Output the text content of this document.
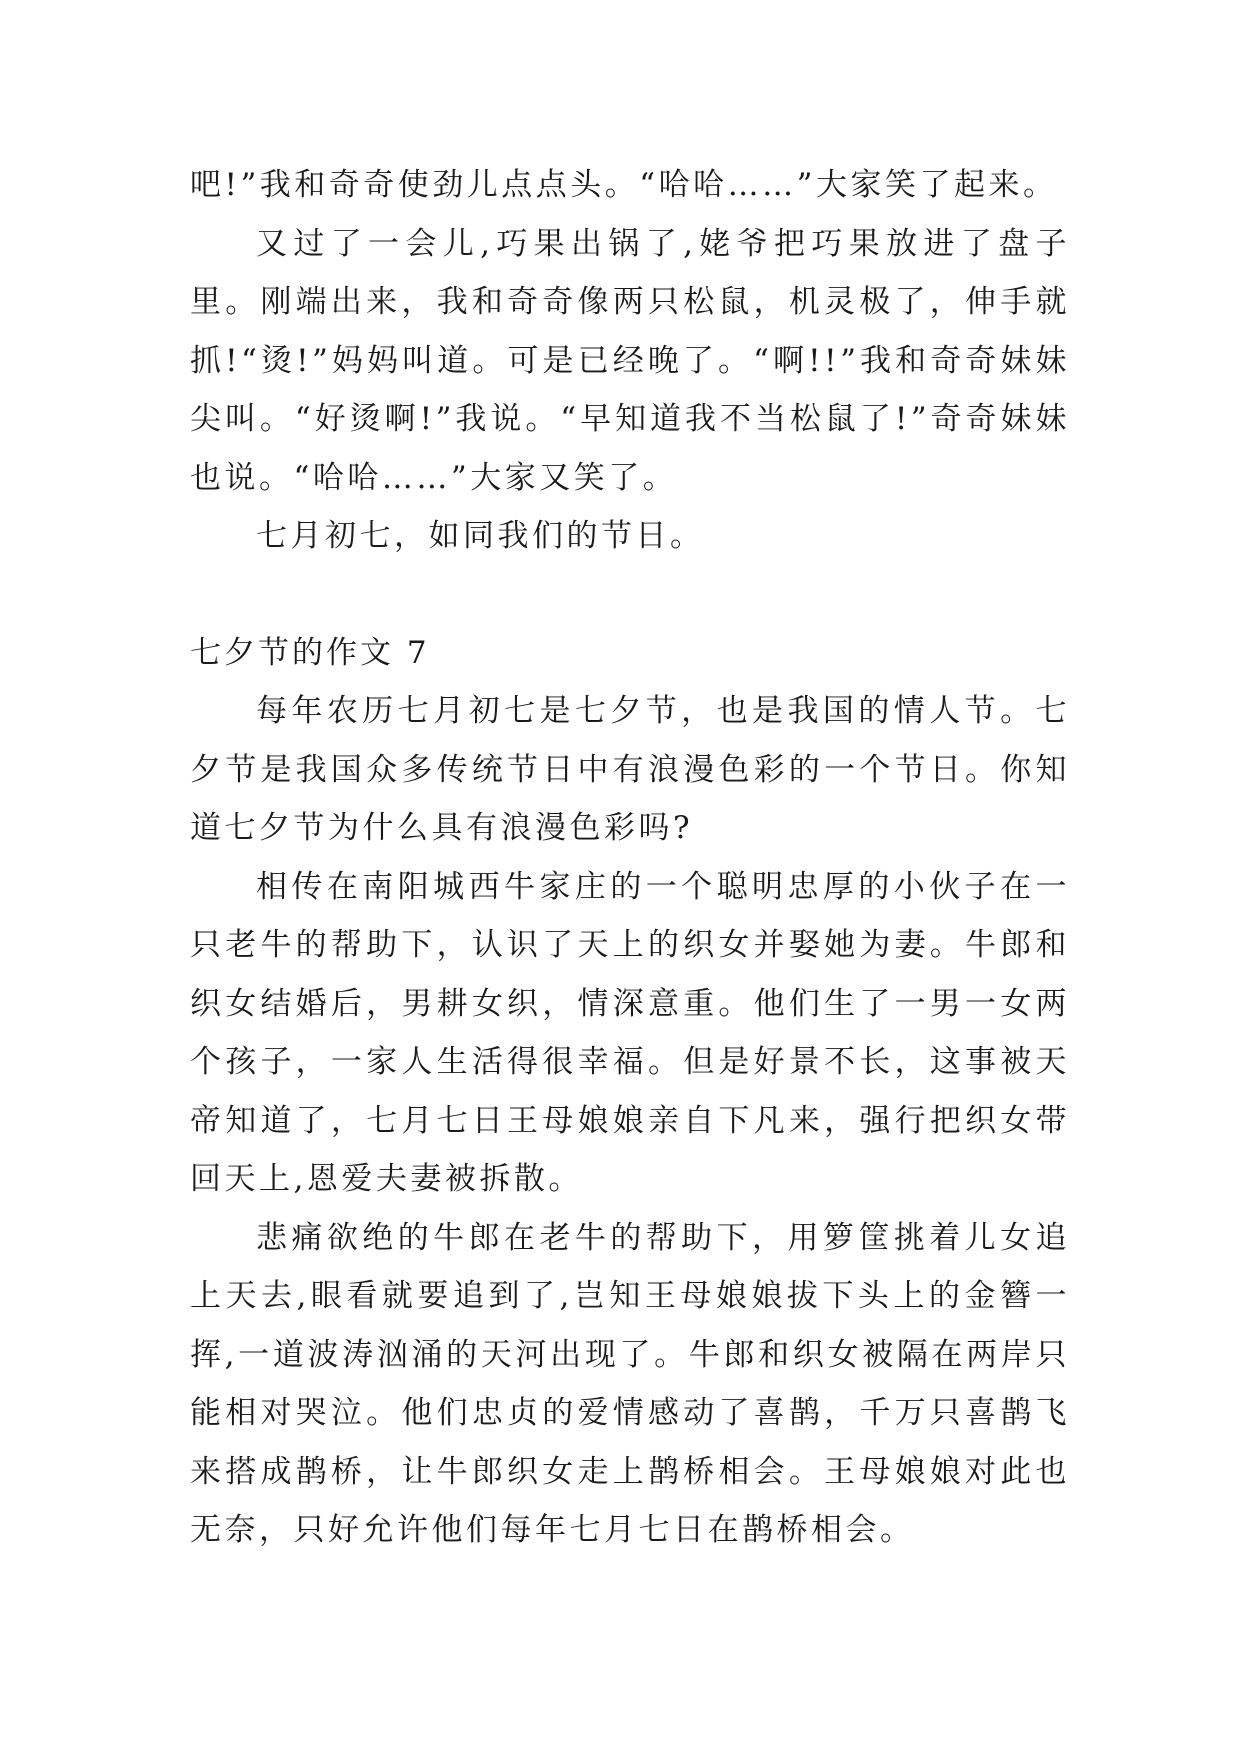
吧!”我和奇奇使劲儿点点头。“哈哈……”大家笑了起来。

又过了一会儿,巧果出锅了,姥爷把巧果放进了盘子里。刚端出来，我和奇奇像两只松鼠，机灵极了，伸手就抓!“烫!”妈妈叫道。可是已经晚了。“啊!!”我和奇奇妹妹尖叫。“好烫啊!”我说。“早知道我不当松鼠了!”奇奇妹妹也说。“哈哈……”大家又笑了。

七月初七，如同我们的节日。

七夕节的作文 7

每年农历七月初七是七夕节，也是我国的情人节。七夕节是我国众多传统节日中有浪漫色彩的一个节日。你知道七夕节为什么具有浪漫色彩吗?

相传在南阳城西牛家庄的一个聪明忠厚的小伙子在一只老牛的帮助下，认识了天上的织女并娶她为妻。牛郎和织女结婚后，男耕女织，情深意重。他们生了一男一女两个孩子，一家人生活得很幸福。但是好景不长，这事被天帝知道了，七月七日王母娘娘亲自下凡来，强行把织女带回天上,恩爱夫妻被拆散。

悲痛欲绝的牛郎在老牛的帮助下，用箩筐挑着儿女追上天去,眼看就要追到了,岂知王母娘娘拔下头上的金簪一挥,一道波涛汹涌的天河出现了。牛郎和织女被隔在两岸只能相对哭泣。他们忠贞的爱情感动了喜鹊，千万只喜鹊飞来搭成鹊桥，让牛郎织女走上鹊桥相会。王母娘娘对此也无奈，只好允许他们每年七月七日在鹊桥相会。
